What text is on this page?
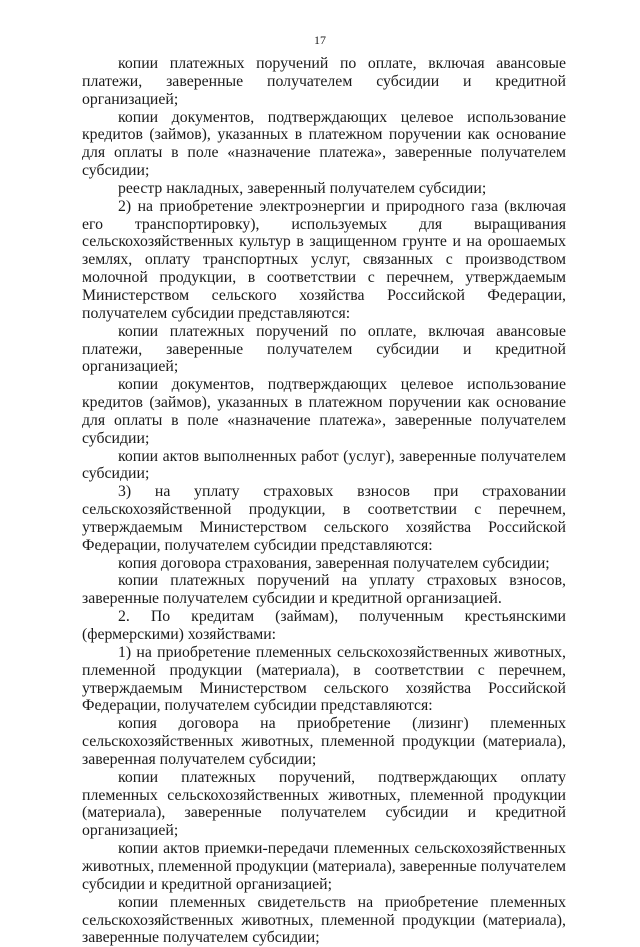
17

копии платежных поручений по оплате, включая авансовые платежи, заверенные получателем субсидии и кредитной организацией;

копии документов, подтверждающих целевое использование кредитов (займов), указанных в платежном поручении как основание для оплаты в поле «назначение платежа», заверенные получателем субсидии;

реестр накладных, заверенный получателем субсидии;

2) на приобретение электроэнергии и природного газа (включая его транспортировку), используемых для выращивания сельскохозяйственных культур в защищенном грунте и на орошаемых землях, оплату транспортных услуг, связанных с производством молочной продукции, в соответствии с перечнем, утверждаемым Министерством сельского хозяйства Российской Федерации, получателем субсидии представляются:

копии платежных поручений по оплате, включая авансовые платежи, заверенные получателем субсидии и кредитной организацией;

копии документов, подтверждающих целевое использование кредитов (займов), указанных в платежном поручении как основание для оплаты в поле «назначение платежа», заверенные получателем субсидии;

копии актов выполненных работ (услуг), заверенные получателем субсидии;

3) на уплату страховых взносов при страховании сельскохозяйственной продукции, в соответствии с перечнем, утверждаемым Министерством сельского хозяйства Российской Федерации, получателем субсидии представляются:

копия договора страхования, заверенная получателем субсидии;

копии платежных поручений на уплату страховых взносов, заверенные получателем субсидии и кредитной организацией.

2. По кредитам (займам), полученным крестьянскими (фермерскими) хозяйствами:

1) на приобретение племенных сельскохозяйственных животных, племенной продукции (материала), в соответствии с перечнем, утверждаемым Министерством сельского хозяйства Российской Федерации, получателем субсидии представляются:

копия договора на приобретение (лизинг) племенных сельскохозяйственных животных, племенной продукции (материала), заверенная получателем субсидии;

копии платежных поручений, подтверждающих оплату племенных сельскохозяйственных животных, племенной продукции (материала), заверенные получателем субсидии и кредитной организацией;

копии актов приемки-передачи племенных сельскохозяйственных животных, племенной продукции (материала), заверенные получателем субсидии и кредитной организацией;

копии племенных свидетельств на приобретение племенных сельскохозяйственных животных, племенной продукции (материала), заверенные получателем субсидии;
